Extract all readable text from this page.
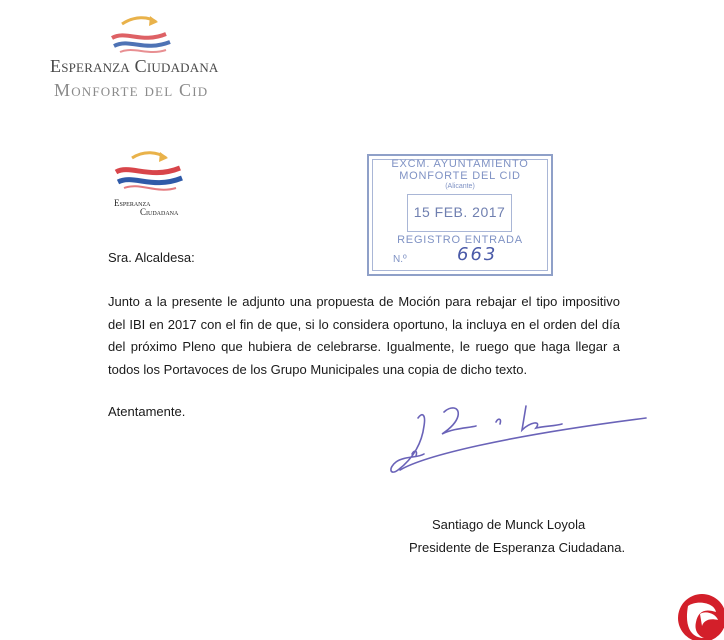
Esperanza Ciudadana
Monforte del Cid
Esperanza
Ciudadana
EXCM. AYUNTAMIENTO
MONFORTE DEL CID
(Alicante)
15 FEB. 2017
REGISTRO ENTRADA
N.º	663
Sra. Alcaldesa:
Junto a la presente le adjunto una propuesta de Moción para rebajar el tipo impositivo del IBI en 2017 con el fin de que, si lo considera oportuno, la incluya en el orden del día del próximo Pleno que hubiera de celebrarse. Igualmente, le ruego que haga llegar a todos los Portavoces de los Grupo Municipales una copia de dicho texto.
Atentamente.
Santiago de Munck Loyola
Presidente de Esperanza Ciudadana.
